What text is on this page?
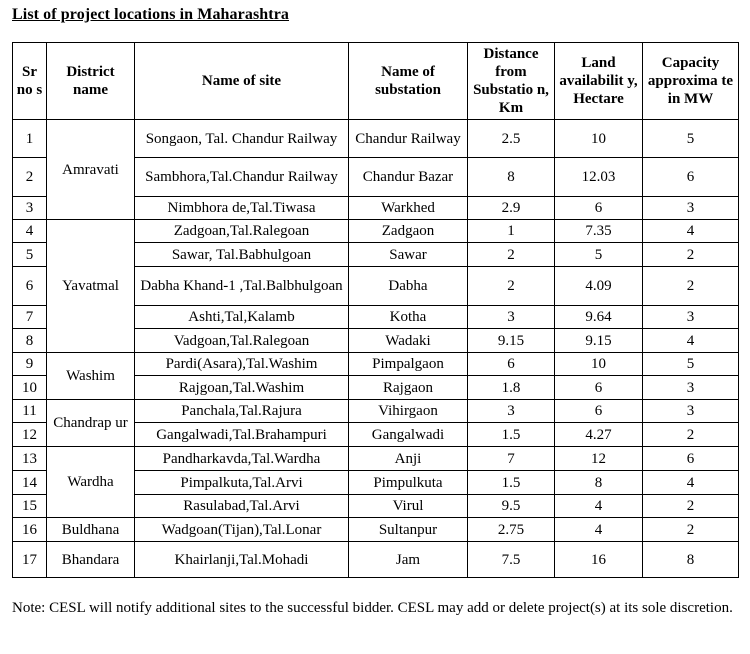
List of project locations in Maharashtra
Sr no s	District name	Name of site	Name of substation	Distance from Substatio n, Km	Land availabilit y, Hectare	Capacity approxima te in MW
1	Amravati	Songaon, Tal. Chandur Railway	Chandur Railway	2.5	10	5
2		Sambhora,Tal.Chandur Railway	Chandur Bazar	8	12.03	6
3		Nimbhora de,Tal.Tiwasa	Warkhed	2.9	6	3
4	Yavatmal	Zadgoan,Tal.Ralegoan	Zadgaon	1	7.35	4
5		Sawar, Tal.Babhulgoan	Sawar	2	5	2
6		Dabha Khand-1 ,Tal.Balbhulgoan	Dabha	2	4.09	2
7		Ashti,Tal,Kalamb	Kotha	3	9.64	3
8		Vadgoan,Tal.Ralegoan	Wadaki	9.15	9.15	4
9	Washim	Pardi(Asara),Tal.Washim	Pimpalgaon	6	10	5
10		Rajgoan,Tal.Washim	Rajgaon	1.8	6	3
11	Chandrap ur	Panchala,Tal.Rajura	Vihirgaon	3	6	3
12		Gangalwadi,Tal.Brahampuri	Gangalwadi	1.5	4.27	2
13	Wardha	Pandharkavda,Tal.Wardha	Anji	7	12	6
14		Pimpalkuta,Tal.Arvi	Pimpulkuta	1.5	8	4
15		Rasulabad,Tal.Arvi	Virul	9.5	4	2
16	Buldhana	Wadgoan(Tijan),Tal.Lonar	Sultanpur	2.75	4	2
17	Bhandara	Khairlanji,Tal.Mohadi	Jam	7.5	16	8
Note: CESL will notify additional sites to the successful bidder. CESL may add or delete project(s) at its sole discretion.
